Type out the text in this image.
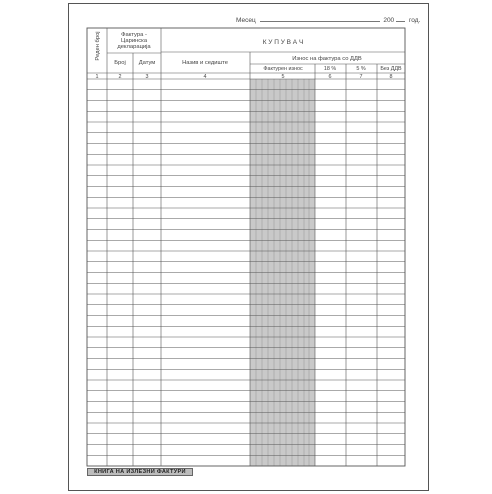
Месец	200 год.
Реден број	Фактура -
Царинска
декларација
Број Датум
К У П У В А Ч
Назив и седиште
Износ на фактура со ДДВ
Фактурен износ	18 %	5 %	Без ДДВ
1	2	3	4	5	6	7	8
КНИГА НА ИЗЛЕЗНИ ФАКТУРИ
